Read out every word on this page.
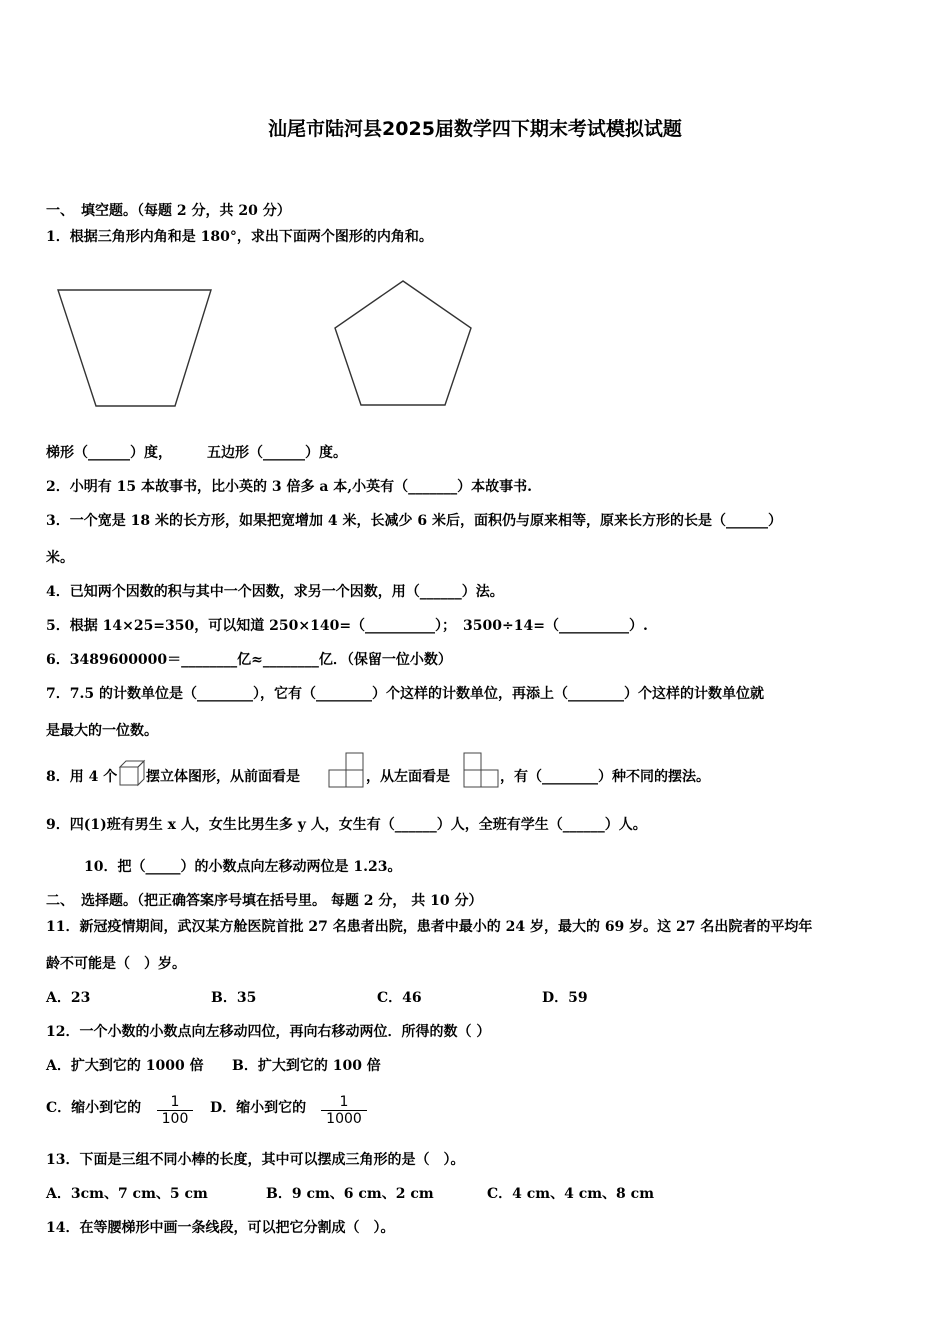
汕尾市陆河县2025届数学四下期末考试模拟试题
一、　填空题。（每题 2 分，共 20 分）
1．根据三角形内角和是 180°，求出下面两个图形的内角和。
梯形（______）度，　　　五边形（______）度。
2．小明有 15 本故事书，比小英的 3 倍多 a 本,小英有（_______）本故事书.
3．一个宽是 18 米的长方形，如果把宽增加 4 米，长减少 6 米后，面积仍与原来相等，原来长方形的长是（______）
米。
4．已知两个因数的积与其中一个因数，求另一个因数，用（______）法。
5．根据 14×25=350，可以知道 250×140=（__________）；　3500÷14=（__________）.
6．3489600000＝________亿≈________亿．（保留一位小数）
7．7.5 的计数单位是（________），它有（________）个这样的计数单位，再添上（________）个这样的计数单位就
是最大的一位数。
8．用 4 个 摆立体图形，从前面看是	，从左面看是	，有（________）种不同的摆法。
9．四(1)班有男生 x 人，女生比男生多 y 人，女生有（______）人，全班有学生（______）人。
10．把（_____）的小数点向左移动两位是 1.23。
二、　选择题。（把正确答案序号填在括号里。 每题 2 分， 共 10 分）
11．新冠疫情期间，武汉某方舱医院首批 27 名患者出院，患者中最小的 24 岁，最大的 69 岁。这 27 名出院者的平均年
龄不可能是（　）岁。
A．23	B．35	C．46	D．59
12．一个小数的小数点向左移动四位，再向右移动两位．所得的数（ ）
A．扩大到它的 1000 倍 B．扩大到它的 100 倍
C．缩小到它的 $\frac{1}{100}$ D．缩小到它的 $\frac{1}{1000}$
13．下面是三组不同小棒的长度，其中可以摆成三角形的是（　）。
A．3cm、7 cm、5 cm	B．9 cm、6 cm、2 cm	C．4 cm、4 cm、8 cm
14．在等腰梯形中画一条线段，可以把它分割成（　）。
